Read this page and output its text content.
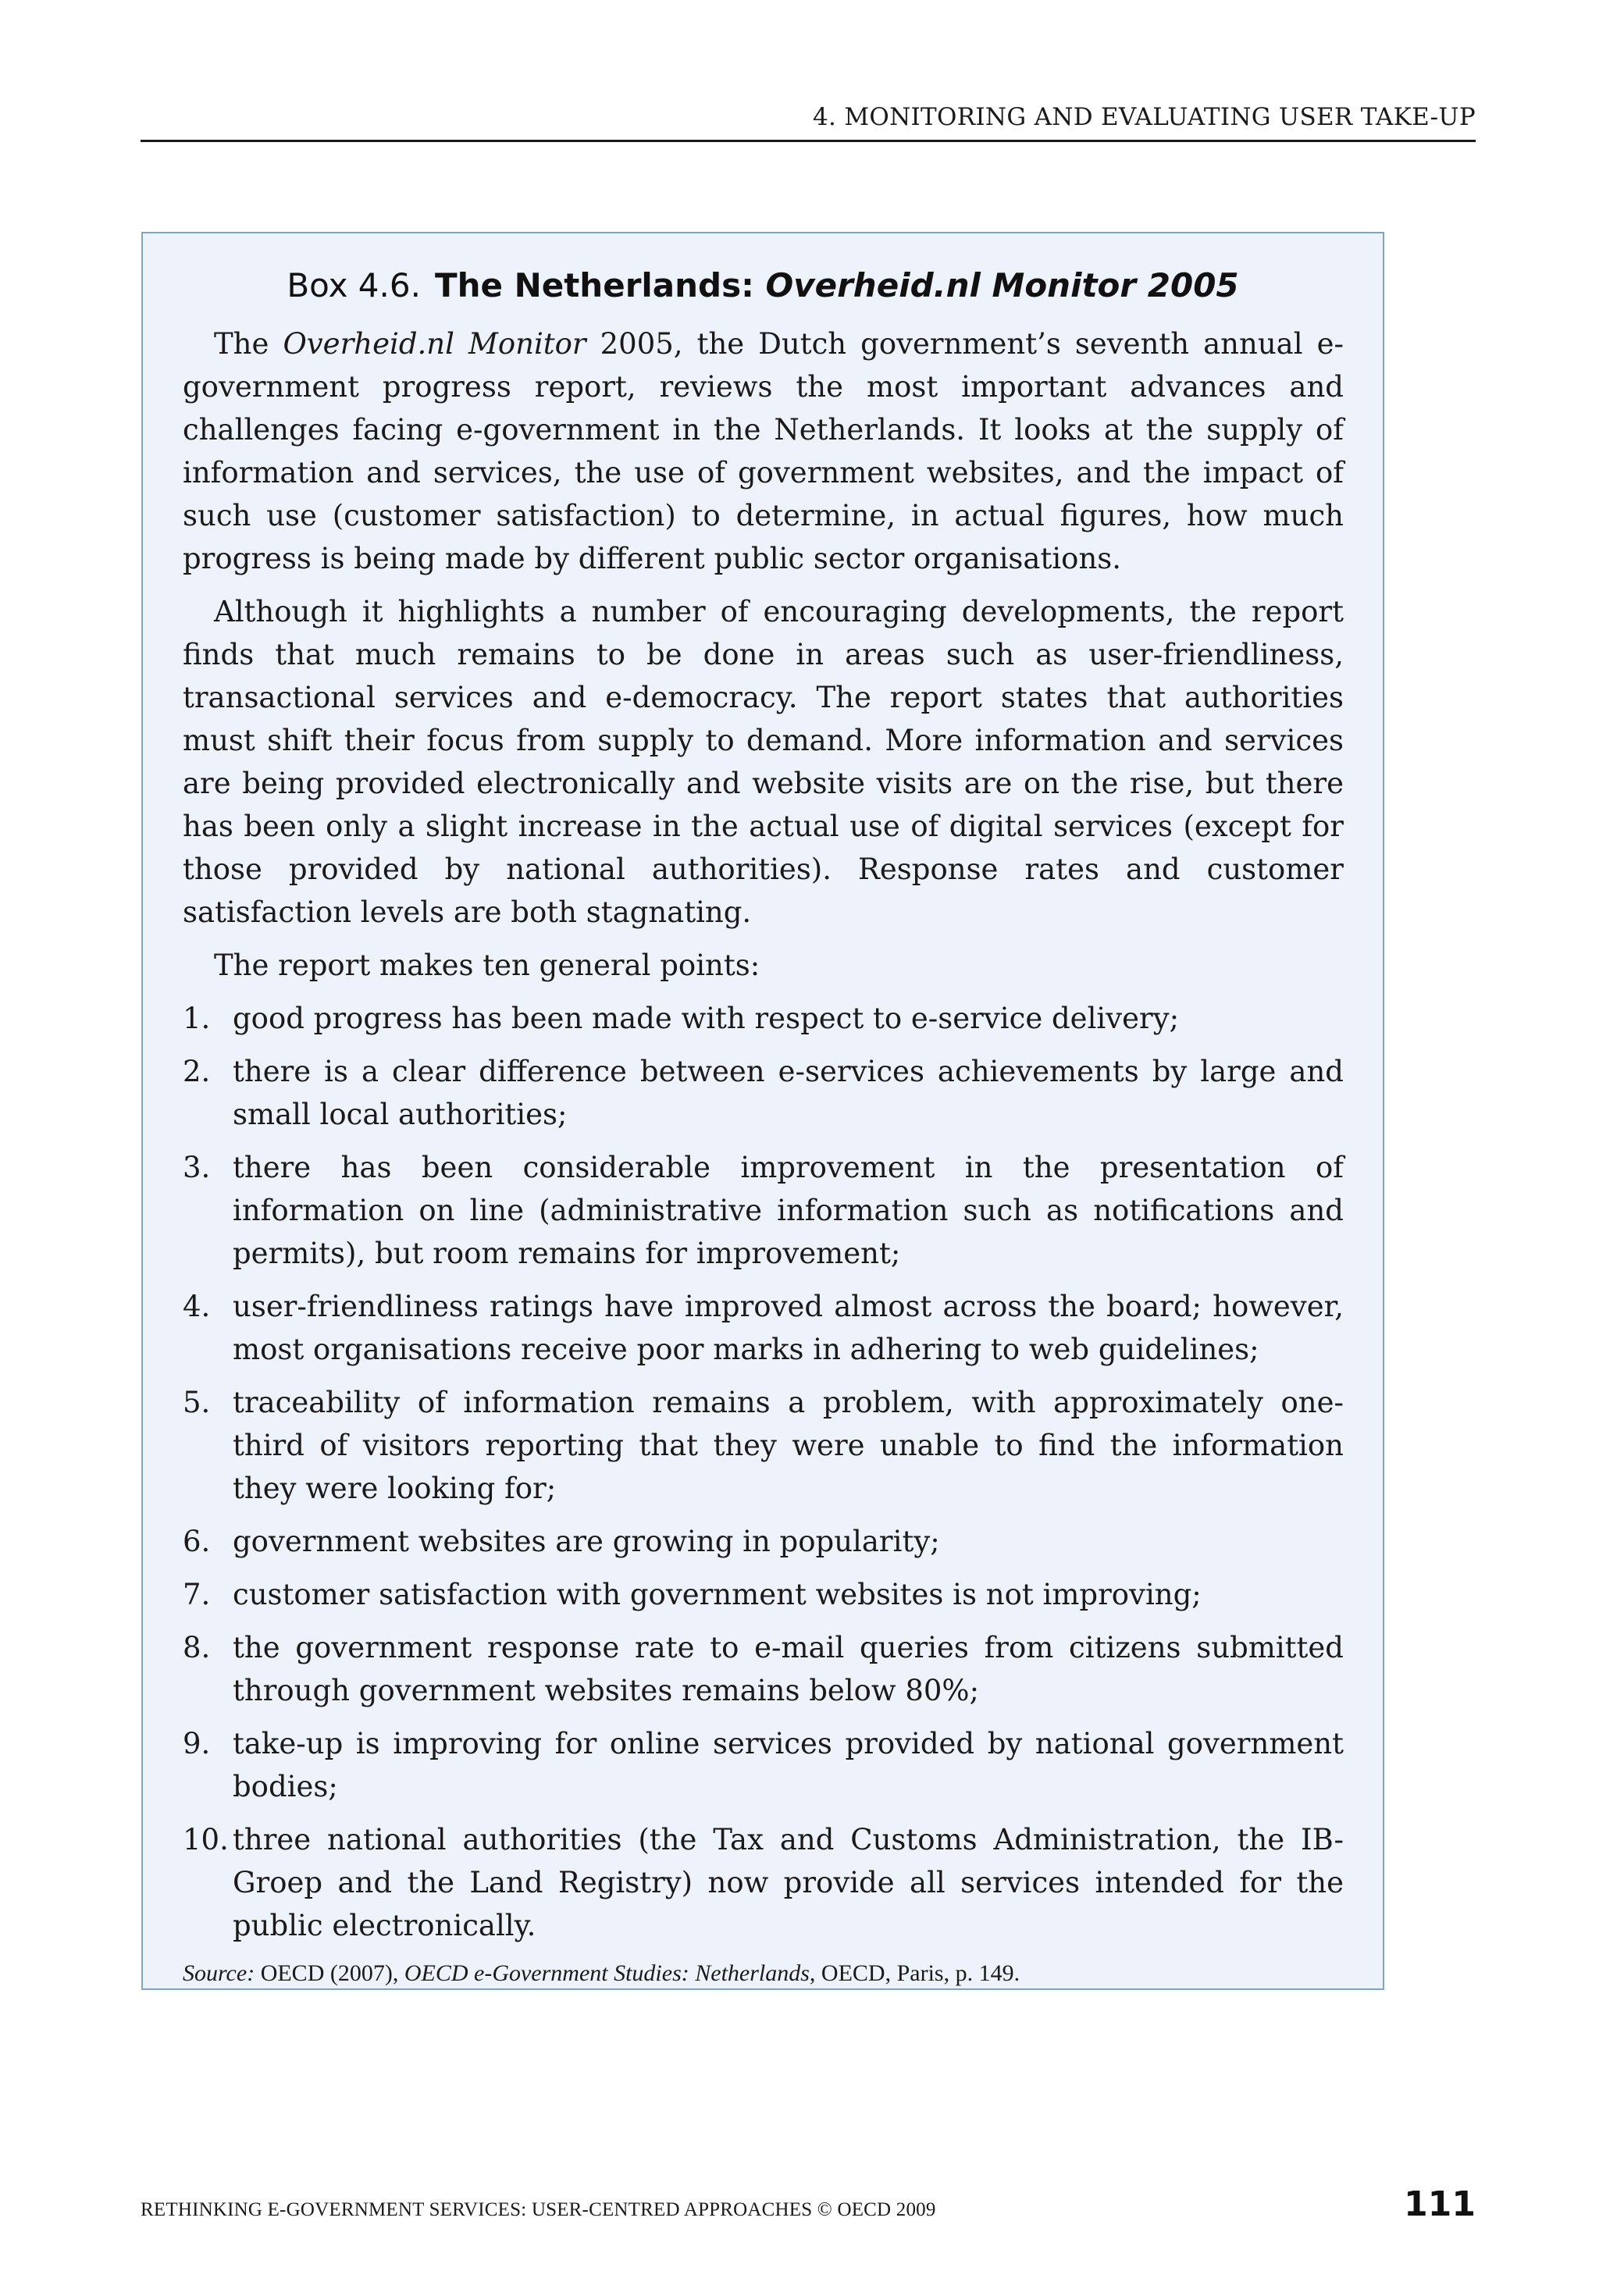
4. MONITORING AND EVALUATING USER TAKE-UP
Box 4.6. The Netherlands: Overheid.nl Monitor 2005

The Overheid.nl Monitor 2005, the Dutch government’s seventh annual e-government progress report, reviews the most important advances and challenges facing e-government in the Netherlands. It looks at the supply of information and services, the use of government websites, and the impact of such use (customer satisfaction) to determine, in actual figures, how much progress is being made by different public sector organisations.

Although it highlights a number of encouraging developments, the report finds that much remains to be done in areas such as user-friendliness, transactional services and e-democracy. The report states that authorities must shift their focus from supply to demand. More information and services are being provided electronically and website visits are on the rise, but there has been only a slight increase in the actual use of digital services (except for those provided by national authorities). Response rates and customer satisfaction levels are both stagnating.

The report makes ten general points:

1. good progress has been made with respect to e-service delivery;
2. there is a clear difference between e-services achievements by large and small local authorities;
3. there has been considerable improvement in the presentation of information on line (administrative information such as notifications and permits), but room remains for improvement;
4. user-friendliness ratings have improved almost across the board; however, most organisations receive poor marks in adhering to web guidelines;
5. traceability of information remains a problem, with approximately one-third of visitors reporting that they were unable to find the information they were looking for;
6. government websites are growing in popularity;
7. customer satisfaction with government websites is not improving;
8. the government response rate to e-mail queries from citizens submitted through government websites remains below 80%;
9. take-up is improving for online services provided by national government bodies;
10. three national authorities (the Tax and Customs Administration, the IB-Groep and the Land Registry) now provide all services intended for the public electronically.
Source: OECD (2007), OECD e-Government Studies: Netherlands, OECD, Paris, p. 149.
RETHINKING E-GOVERNMENT SERVICES: USER-CENTRED APPROACHES © OECD 2009	111
